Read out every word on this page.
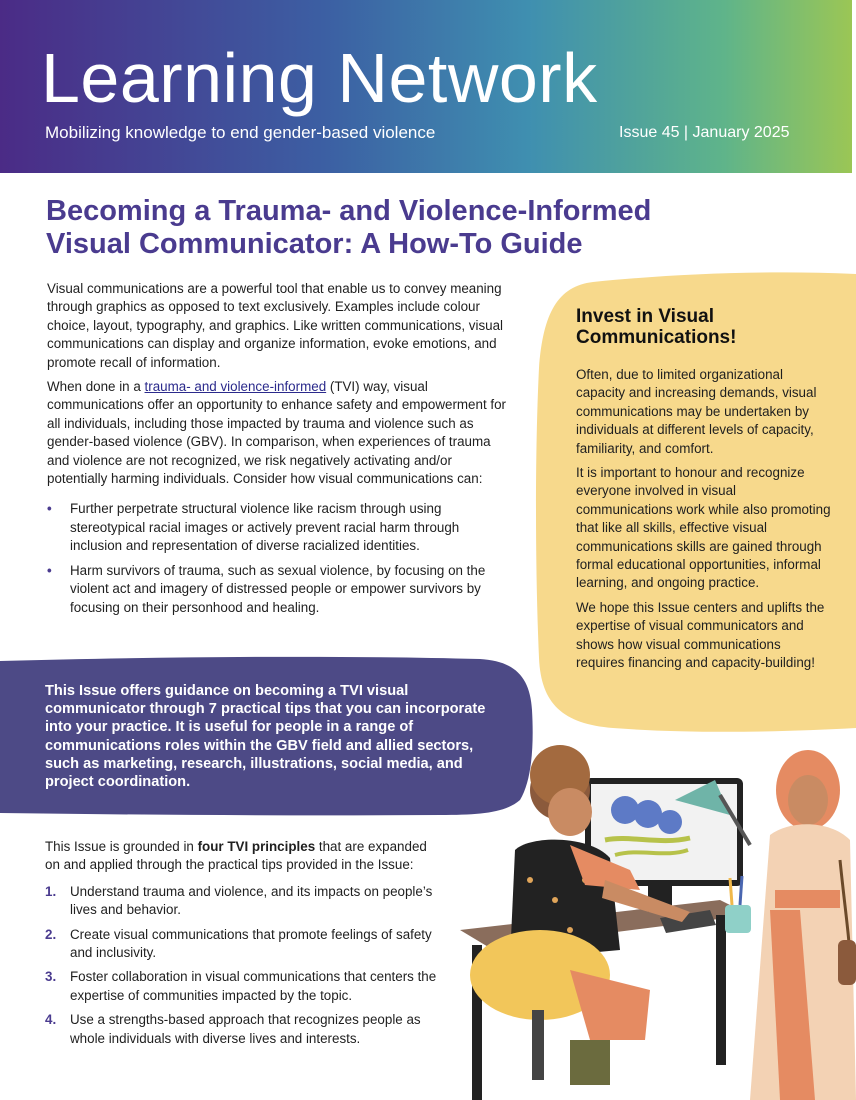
Learning Network
Mobilizing knowledge to end gender-based violence	Issue 45 | January 2025
Becoming a Trauma- and Violence-Informed
Visual Communicator: A How-To Guide

Visual communications are a powerful tool that enable us to convey meaning through graphics as opposed to text exclusively. Examples include colour choice, layout, typography, and graphics. Like written communications, visual communications can display and organize information, evoke emotions, and promote recall of information.

When done in a trauma- and violence-informed (TVI) way, visual communications offer an opportunity to enhance safety and empowerment for all individuals, including those impacted by trauma and violence such as gender-based violence (GBV). In comparison, when experiences of trauma and violence are not recognized, we risk negatively activating and/or potentially harming individuals. Consider how visual communications can:

• Further perpetrate structural violence like racism through using stereotypical racial images or actively prevent racial harm through inclusion and representation of diverse racialized identities.
• Harm survivors of trauma, such as sexual violence, by focusing on the violent act and imagery of distressed people or empower survivors by focusing on their personhood and healing.
Invest in Visual Communications!

Often, due to limited organizational capacity and increasing demands, visual communications may be undertaken by individuals at different levels of capacity, familiarity, and comfort.

It is important to honour and recognize everyone involved in visual communications work while also promoting that like all skills, effective visual communications skills are gained through formal educational opportunities, informal learning, and ongoing practice.

We hope this Issue centers and uplifts the expertise of visual communicators and shows how visual communications requires financing and capacity-building!

This Issue offers guidance on becoming a TVI visual communicator through 7 practical tips that you can incorporate into your practice. It is useful for people in a range of communications roles within the GBV field and allied sectors, such as marketing, research, illustrations, social media, and project coordination.

This Issue is grounded in four TVI principles that are expanded on and applied through the practical tips provided in the Issue:

1. Understand trauma and violence, and its impacts on people’s lives and behavior.
2. Create visual communications that promote feelings of safety and inclusivity.
3. Foster collaboration in visual communications that centers the expertise of communities impacted by the topic.
4. Use a strengths-based approach that recognizes people as whole individuals with diverse lives and interests.
